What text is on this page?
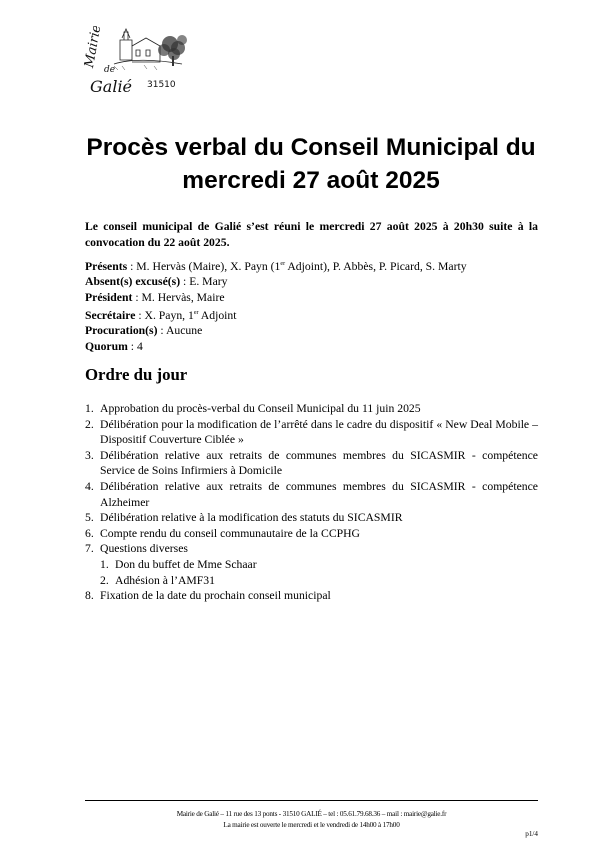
Mairie
de
Galié 31510
Procès verbal du Conseil Municipal du mercredi 27 août 2025

Le conseil municipal de Galié s’est réuni le mercredi 27 août 2025 à 20h30 suite à la convocation du 22 août 2025.

Présents : M. Hervàs (Maire), X. Payn (1er Adjoint), P. Abbès, P. Picard, S. Marty
Absent(s) excusé(s) : E. Mary
Président : M. Hervàs, Maire
Secrétaire : X. Payn, 1er Adjoint
Procuration(s) : Aucune
Quorum : 4
Ordre du jour
1. Approbation du procès-verbal du Conseil Municipal du 11 juin 2025
2. Délibération pour la modification de l’arrêté dans le cadre du dispositif « New Deal Mobile – Dispositif Couverture Ciblée »
3. Délibération relative aux retraits de communes membres du SICASMIR - compétence Service de Soins Infirmiers à Domicile
4. Délibération relative aux retraits de communes membres du SICASMIR - compétence Alzheimer
5. Délibération relative à la modification des statuts du SICASMIR
6. Compte rendu du conseil communautaire de la CCPHG
7. Questions diverses
1. Don du buffet de Mme Schaar
2. Adhésion à l’AMF31
8. Fixation de la date du prochain conseil municipal
Mairie de Galié – 11 rue des 13 ponts - 31510 GALIÉ – tel : 05.61.79.68.36 – mail : mairie@galie.fr
La mairie est ouverte le mercredi et le vendredi de 14h00 à 17h00
p1/4
